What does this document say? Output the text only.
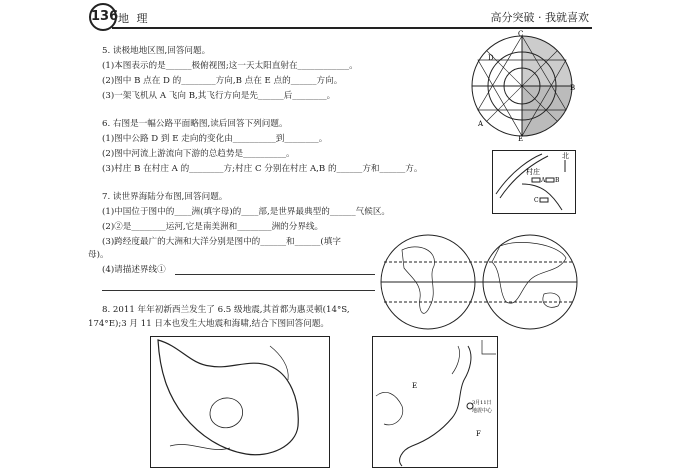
136 地 理	高分突破 · 我就喜欢
5. 读极地地区图,回答问题。
(1)本图表示的是______极俯视图;这一天太阳直射在____________。
(2)图中 B 点在 D 的________方向,B 点在 E 点的______方向。
(3)一架飞机从 A 飞向 B,其飞行方向是先______后________。
6. 右图是一幅公路平面略图,读后回答下列问题。
(1)图中公路 D 到 E 走向的变化由__________到________。
(2)图中河流上游流向下游的总趋势是__________。
(3)村庄 B 在村庄 A 的________方;村庄 C 分别在村庄 A,B 的______方和______方。
7. 读世界海陆分布图,回答问题。
(1)中国位于图中的____洲(填字母)的____部,是世界最典型的______气候区。
(2)②是________运河,它是南美洲和________洲的分界线。
(3)跨经度最广的大洲和大洋分别是图中的______和______(填字
母)。
(4)请描述界线①
8. 2011 年年初新西兰发生了 6.5 级地震,其首都为惠灵顿(14°S,
174°E);3 月 11 日本也发生大地震和海啸,结合下图回答问题。
C
D
B
A
E
北
村庄
A B
C
E
F
3月11日
地震中心
